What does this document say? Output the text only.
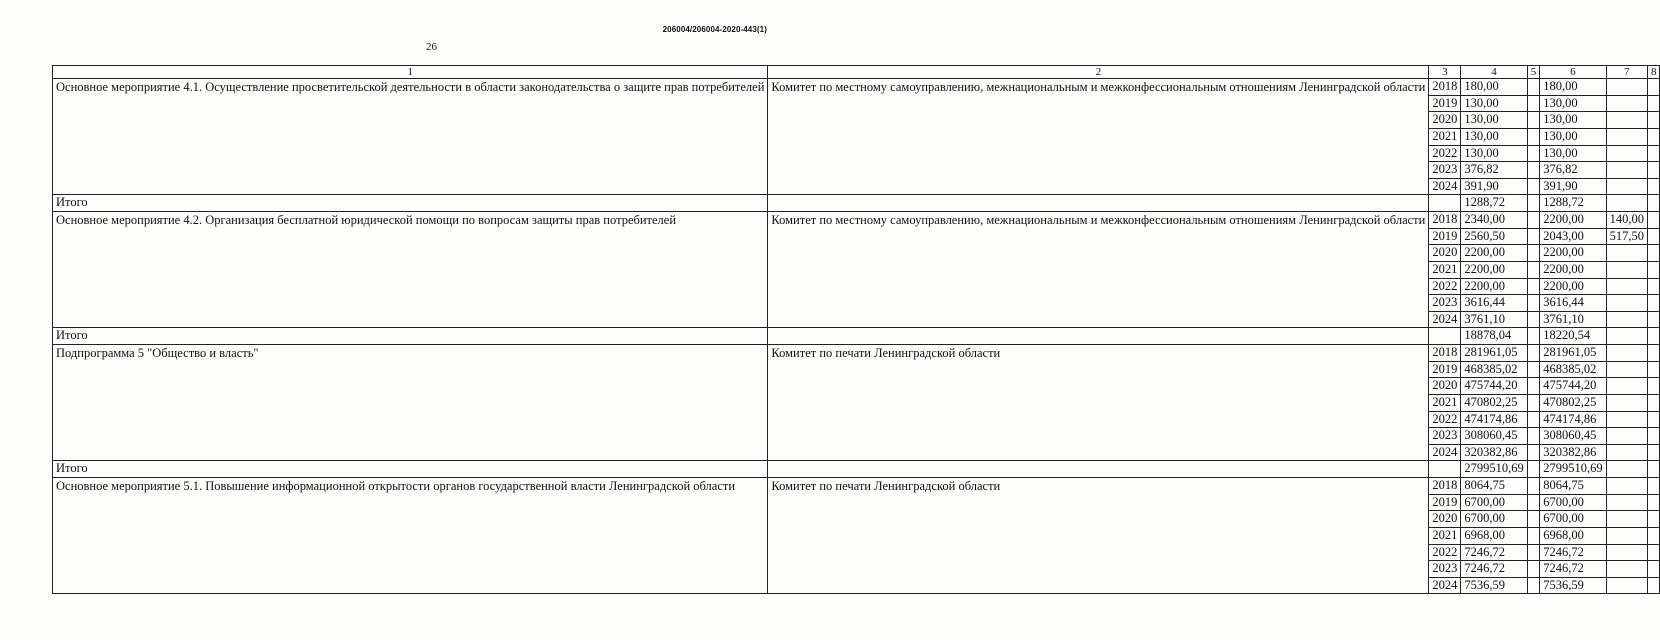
206004/206004-2020-443(1)
26
1	2	3	4	5	6	7	8
Основное мероприятие 4.1. Осуществление просветительской деятельности в области законодательства о защите прав потребителей	Комитет по местному самоуправлению, межнациональным и межконфессиональным отношениям Ленинградской области	2018	180,00		180,00		
		2019	130,00		130,00		
		2020	130,00		130,00		
		2021	130,00		130,00		
		2022	130,00		130,00		
		2023	376,82		376,82		
		2024	391,90		391,90		
Итого			1288,72		1288,72		
Основное мероприятие 4.2. Организация бесплатной юридической помощи по вопросам защиты прав потребителей	Комитет по местному самоуправлению, межнациональным и межконфессиональным отношениям Ленинградской области	2018	2340,00		2200,00	140,00	
		2019	2560,50		2043,00	517,50	
		2020	2200,00		2200,00		
		2021	2200,00		2200,00		
		2022	2200,00		2200,00		
		2023	3616,44		3616,44		
		2024	3761,10		3761,10		
Итого			18878,04		18220,54		
Подпрограмма 5 "Общество и власть"	Комитет по печати Ленинградской области	2018	281961,05		281961,05		
		2019	468385,02		468385,02		
		2020	475744,20		475744,20		
		2021	470802,25		470802,25		
		2022	474174,86		474174,86		
		2023	308060,45		308060,45		
		2024	320382,86		320382,86		
Итого			2799510,69		2799510,69		
Основное мероприятие 5.1. Повышение информационной открытости органов государственной власти Ленинградской области	Комитет по печати Ленинградской области	2018	8064,75		8064,75		
		2019	6700,00		6700,00		
		2020	6700,00		6700,00		
		2021	6968,00		6968,00		
		2022	7246,72		7246,72		
		2023	7246,72		7246,72		
		2024	7536,59		7536,59		
